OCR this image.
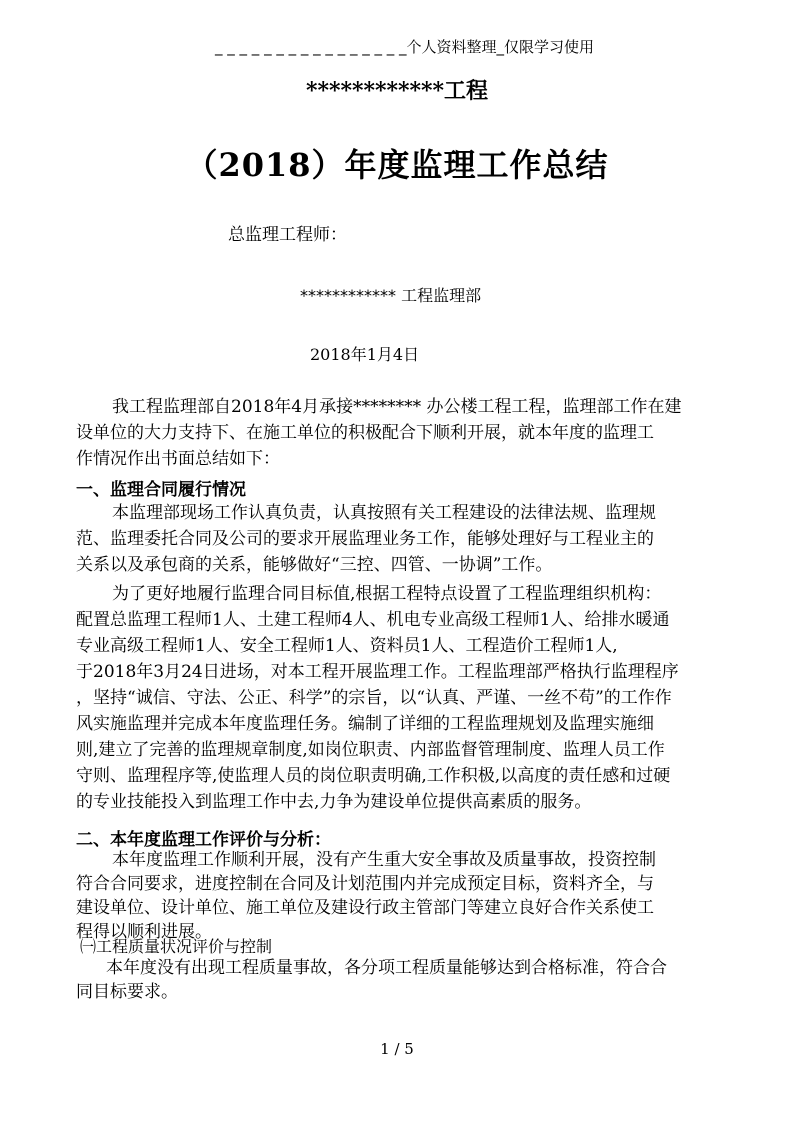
_ _ _ _ _ _ _ _ _ _ _ _ _ _ _ _个人资料整理_仅限学习使用
************工程
（2018）年度监理工作总结
总监理工程师：
************ 工程监理部
2018年1月4日
我工程监理部自2018年4月承接******** 办公楼工程工程，监理部工作在建
设单位的大力支持下、在施工单位的积极配合下顺利开展，就本年度的监理工
作情况作出书面总结如下：
一、监理合同履行情况
本监理部现场工作认真负责，认真按照有关工程建设的法律法规、监理规
范、监理委托合同及公司的要求开展监理业务工作，能够处理好与工程业主的
关系以及承包商的关系，能够做好“三控、四管、一协调”工作。
为了更好地履行监理合同目标值,根据工程特点设置了工程监理组织机构：
配置总监理工程师1人、土建工程师4人、机电专业高级工程师1人、给排水暖通
专业高级工程师1人、安全工程师1人、资料员1人、工程造价工程师1人,
于2018年3月24日进场，对本工程开展监理工作。工程监理部严格执行监理程序
，坚持“诚信、守法、公正、科学”的宗旨，以“认真、严谨、一丝不苟”的工作作
风实施监理并完成本年度监理任务。编制了详细的工程监理规划及监理实施细
则,建立了完善的监理规章制度,如岗位职责、内部监督管理制度、监理人员工作
守则、监理程序等,使监理人员的岗位职责明确,工作积极,以高度的责任感和过硬
的专业技能投入到监理工作中去,力争为建设单位提供高素质的服务。
二、本年度监理工作评价与分析：
本年度监理工作顺利开展，没有产生重大安全事故及质量事故，投资控制
符合合同要求，进度控制在合同及计划范围内并完成预定目标，资料齐全，与
建设单位、设计单位、施工单位及建设行政主管部门等建立良好合作关系使工
程得以顺利进展。
㈠工程质量状况评价与控制
本年度没有出现工程质量事故，各分项工程质量能够达到合格标准，符合合
同目标要求。
1 / 5
